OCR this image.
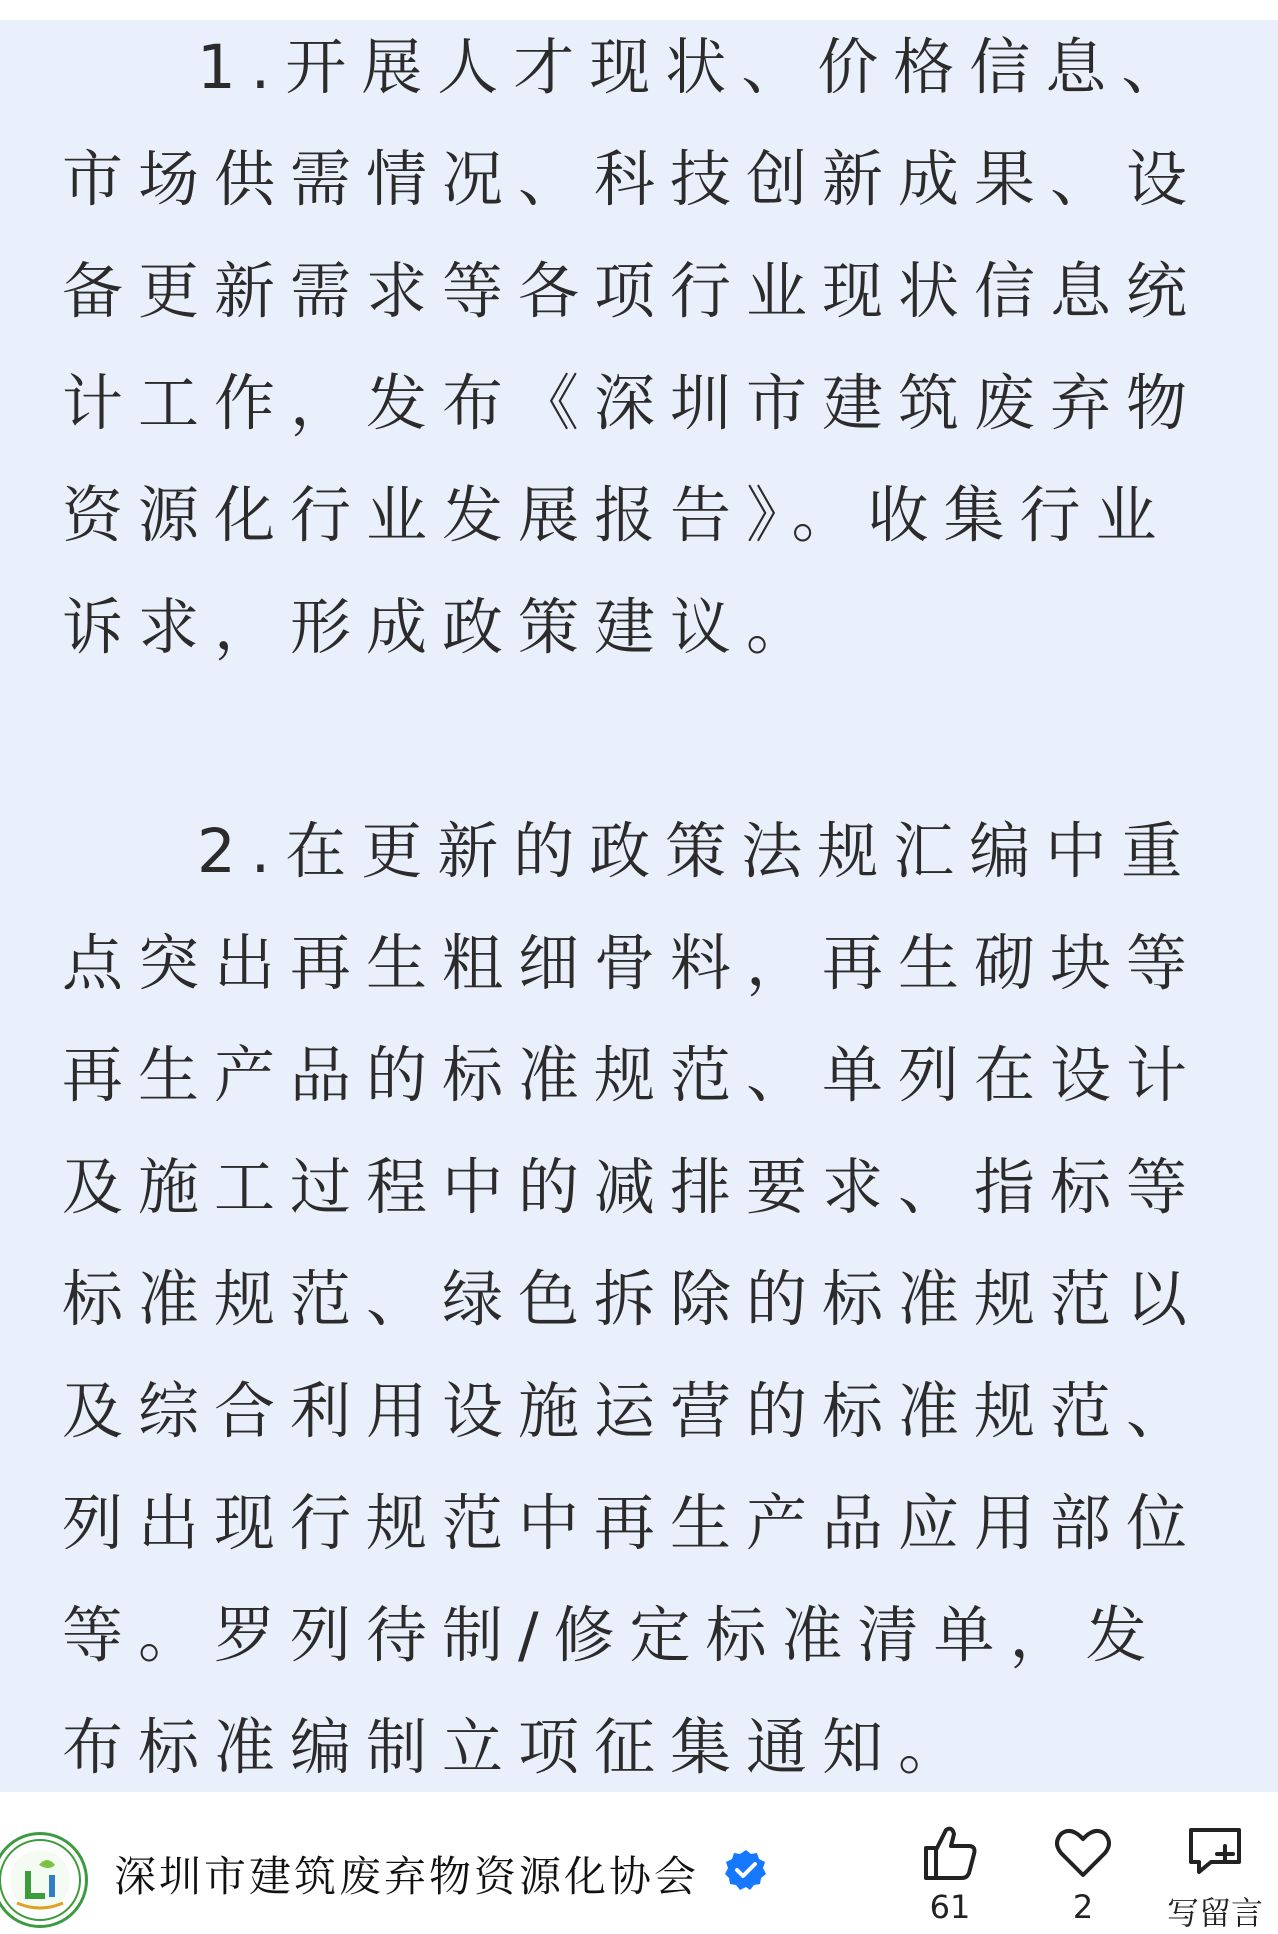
1.开展人才现状、价格信息、市场供需情况、科技创新成果、设备更新需求等各项行业现状信息统计工作，发布《深圳市建筑废弃物资源化行业发展报告》。收集行业诉求，形成政策建议。

2.在更新的政策法规汇编中重点突出再生粗细骨料，再生砌块等再生产品的标准规范、单列在设计及施工过程中的减排要求、指标等标准规范、绿色拆除的标准规范以及综合利用设施运营的标准规范、列出现行规范中再生产品应用部位等。罗列待制/修定标准清单，发布标准编制立项征集通知。

深圳市建筑废弃物资源化协会
61	2	写留言
